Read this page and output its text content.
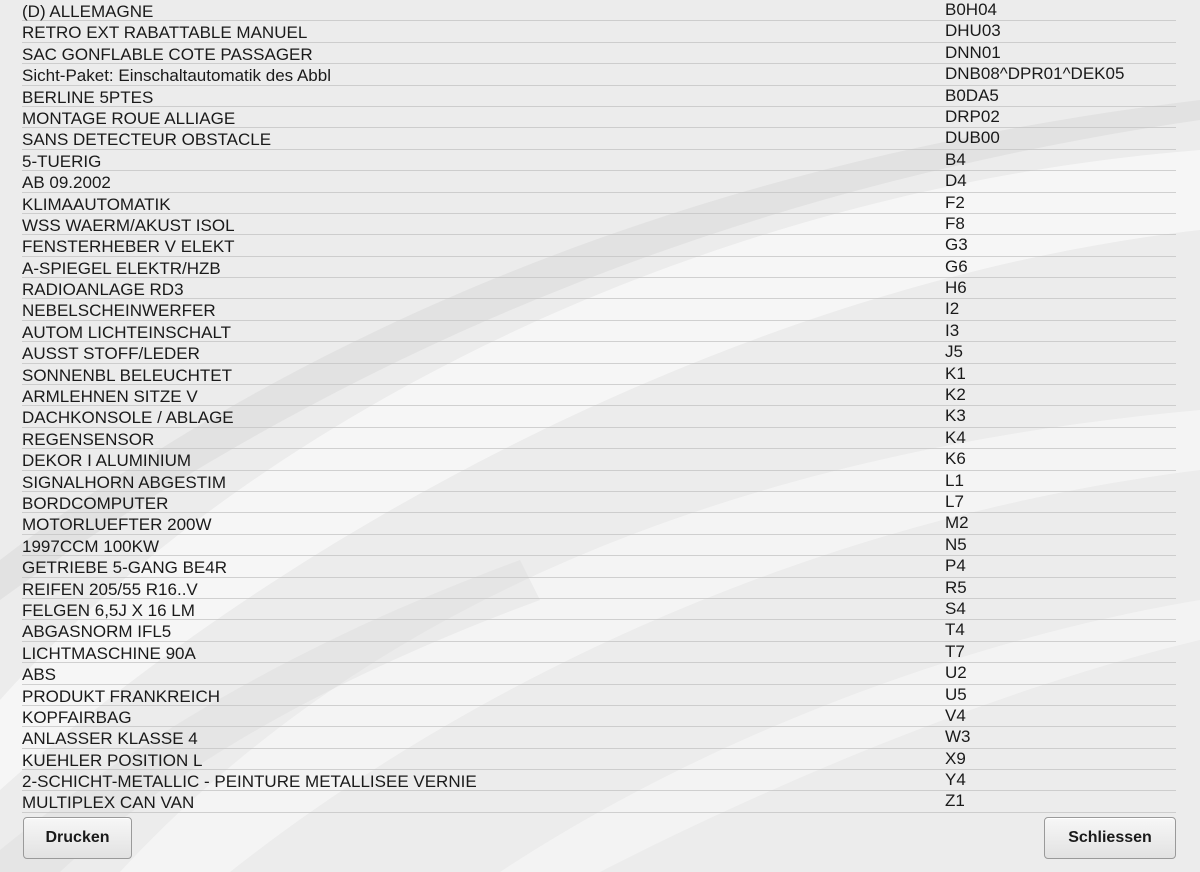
(D) ALLEMAGNE	B0H04
RETRO EXT RABATTABLE MANUEL	DHU03
SAC GONFLABLE COTE PASSAGER	DNN01
Sicht-Paket: Einschaltautomatik des Abbl	DNB08^DPR01^DEK05
BERLINE 5PTES	B0DA5
MONTAGE ROUE ALLIAGE	DRP02
SANS DETECTEUR OBSTACLE	DUB00
5-TUERIG	B4
AB 09.2002	D4
KLIMAAUTOMATIK	F2
WSS WAERM/AKUST ISOL	F8
FENSTERHEBER V ELEKT	G3
A-SPIEGEL ELEKTR/HZB	G6
RADIOANLAGE RD3	H6
NEBELSCHEINWERFER	I2
AUTOM LICHTEINSCHALT	I3
AUSST STOFF/LEDER	J5
SONNENBL BELEUCHTET	K1
ARMLEHNEN SITZE V	K2
DACHKONSOLE / ABLAGE	K3
REGENSENSOR	K4
DEKOR I ALUMINIUM	K6
SIGNALHORN ABGESTIM	L1
BORDCOMPUTER	L7
MOTORLUEFTER 200W	M2
1997CCM 100KW	N5
GETRIEBE 5-GANG BE4R	P4
REIFEN 205/55 R16..V	R5
FELGEN 6,5J X 16 LM	S4
ABGASNORM IFL5	T4
LICHTMASCHINE 90A	T7
ABS	U2
PRODUKT FRANKREICH	U5
KOPFAIRBAG	V4
ANLASSER KLASSE 4	W3
KUEHLER POSITION L	X9
2-SCHICHT-METALLIC - PEINTURE METALLISEE VERNIE	Y4
MULTIPLEX CAN VAN	Z1
Drucken	Schliessen
